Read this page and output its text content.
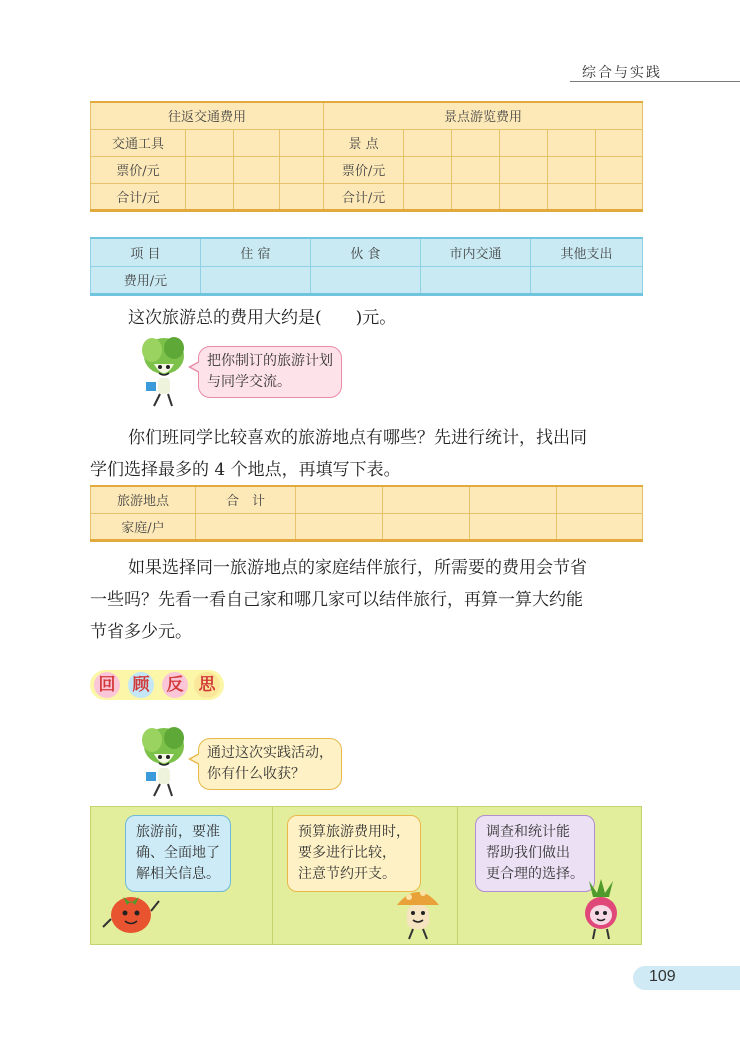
综合与实践
往返交通费用				景点游览费用					
交通工具				景 点					
票价/元				票价/元					
合计/元				合计/元					
项 目	住 宿	伙 食	市内交通	其他支出
费用/元				
这次旅游总的费用大约是(　　 )元。
把你制订的旅游计划
与同学交流。
你们班同学比较喜欢的旅游地点有哪些？先进行统计，找出同
学们选择最多的 4 个地点，再填写下表。
旅游地点	合　计				
家庭/户					
如果选择同一旅游地点的家庭结伴旅行，所需要的费用会节省
一些吗？先看一看自己家和哪几家可以结伴旅行，再算一算大约能
节省多少元。
回 顾 反 思
通过这次实践活动，
你有什么收获？
旅游前，要准
确、全面地了
解相关信息。
预算旅游费用时，
要多进行比较，
注意节约开支。
调查和统计能
帮助我们做出
更合理的选择。
109
